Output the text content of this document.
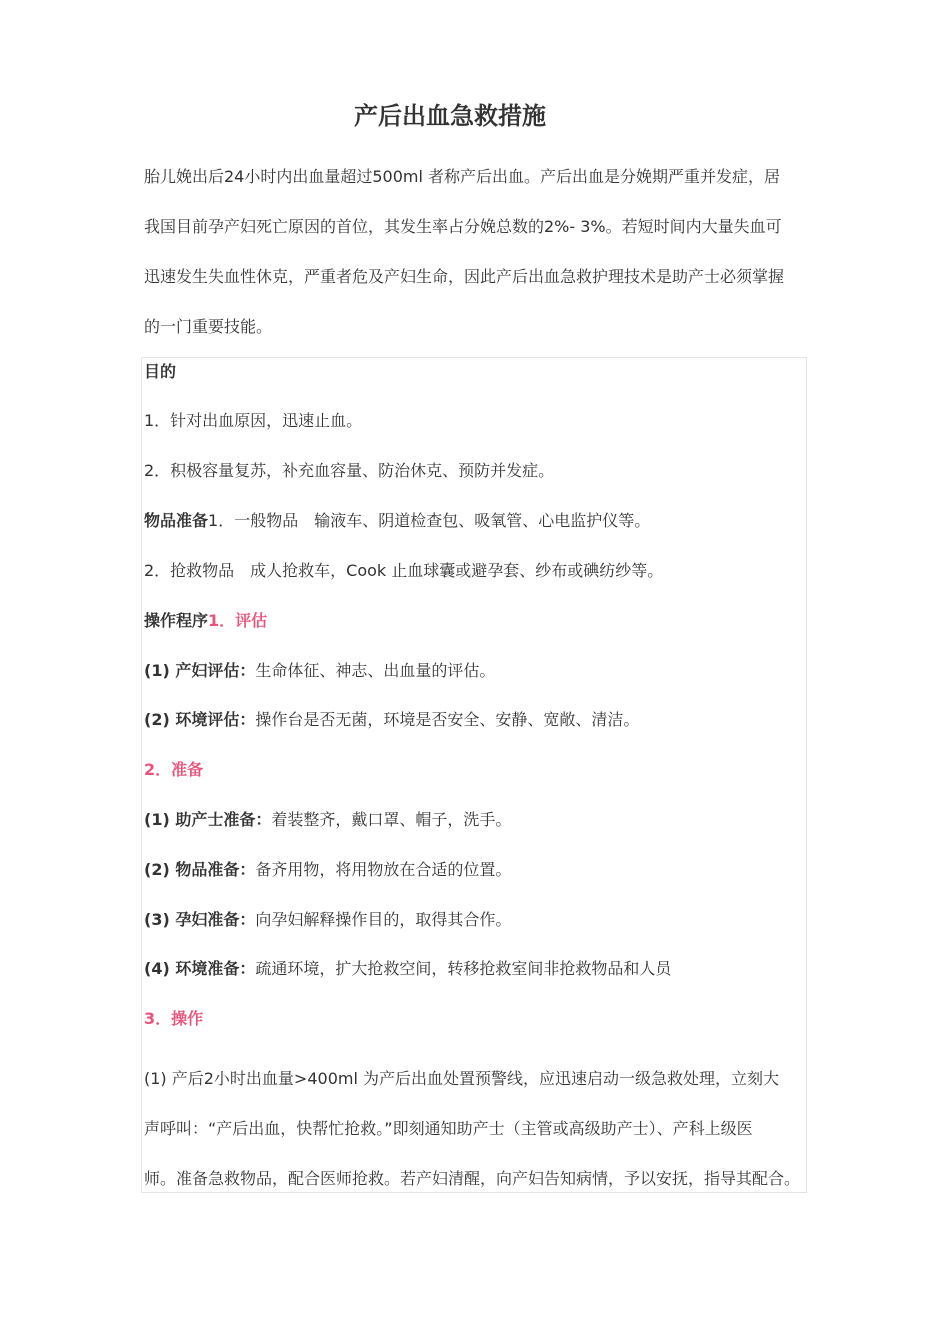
产后出血急救措施

胎儿娩出后24小时内出血量超过500ml 者称产后出血。产后出血是分娩期严重并发症，居

我国目前孕产妇死亡原因的首位，其发生率占分娩总数的2%- 3%。若短时间内大量失血可

迅速发生失血性休克，严重者危及产妇生命，因此产后出血急救护理技术是助产士必须掌握

的一门重要技能。

目的
1．针对出血原因，迅速止血。
2．积极容量复苏，补充血容量、防治休克、预防并发症。
物品准备1．一般物品　输液车、阴道检查包、吸氧管、心电监护仪等。
2．抢救物品　成人抢救车，Cook 止血球囊或避孕套、纱布或碘纺纱等。
操作程序1．评估
(1) 产妇评估：生命体征、神志、出血量的评估。
(2) 环境评估：操作台是否无菌，环境是否安全、安静、宽敞、清洁。
2．准备
(1) 助产士准备：着装整齐，戴口罩、帽子，洗手。
(2) 物品准备：备齐用物，将用物放在合适的位置。
(3) 孕妇准备：向孕妇解释操作目的，取得其合作。
(4) 环境准备：疏通环境，扩大抢救空间，转移抢救室间非抢救物品和人员
3．操作

(1) 产后2小时出血量>400ml 为产后出血处置预警线，应迅速启动一级急救处理，立刻大

声呼叫：“产后出血，快帮忙抢救。”即刻通知助产士（主管或高级助产士）、产科上级医

师。准备急救物品，配合医师抢救。若产妇清醒，向产妇告知病情，予以安抚，指导其配合。
